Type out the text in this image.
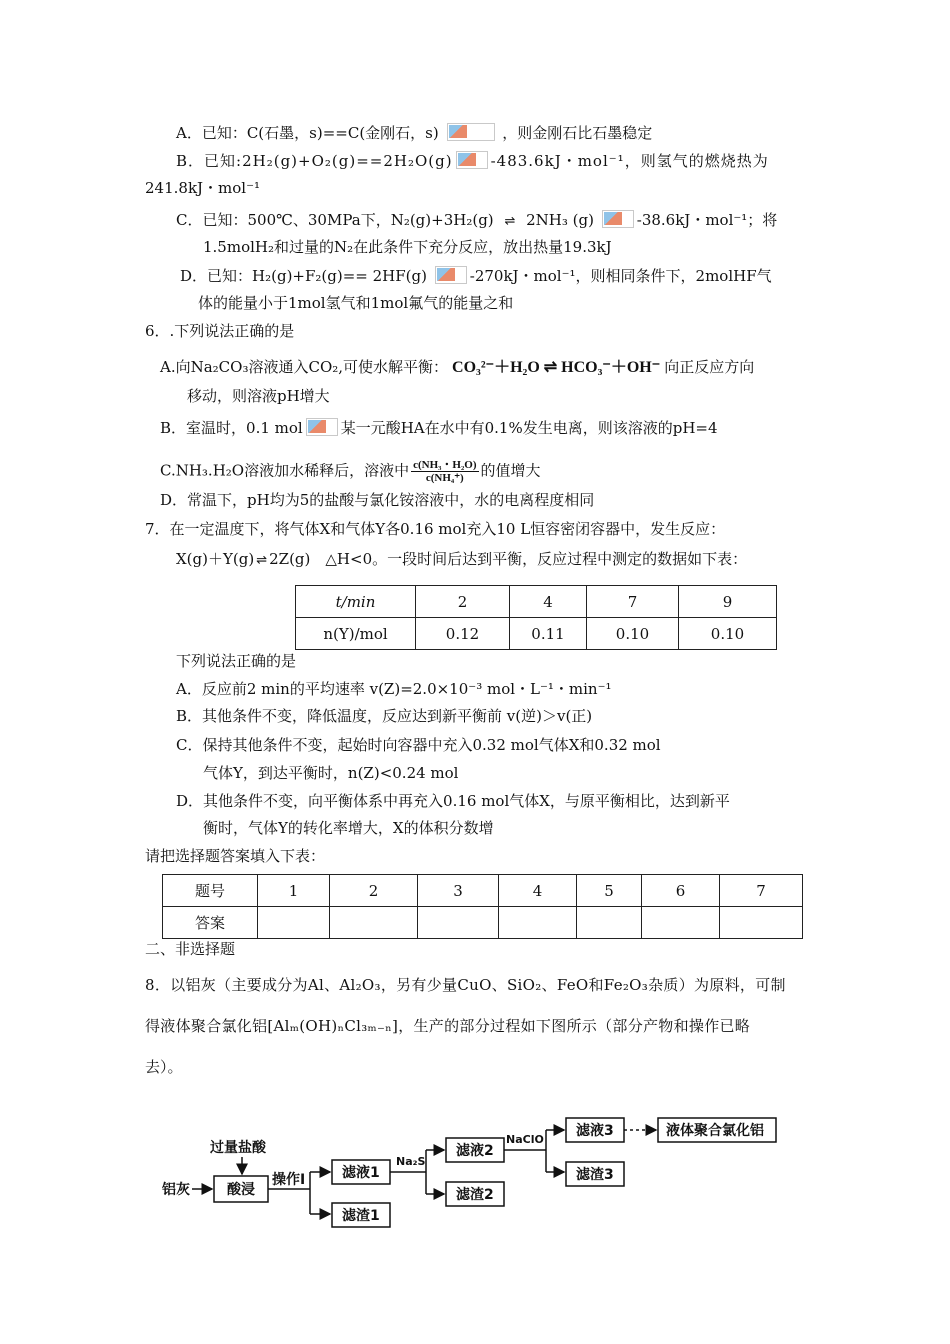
A．已知：C(石墨，s)==C(金刚石，s)	，则金刚石比石墨稳定
B．已知:2H₂(g)+O₂(g)==2H₂O(g)	-483.6kJ・mol⁻¹，则氢气的燃烧热为
241.8kJ・mol⁻¹
C．已知：500℃、30MPa下，N₂(g)+3H₂(g) ⇌ 2NH₃ (g)	-38.6kJ・mol⁻¹；将
1.5molH₂和过量的N₂在此条件下充分反应，放出热量19.3kJ
D．已知：H₂(g)+F₂(g)== 2HF(g)	-270kJ・mol⁻¹，则相同条件下，2molHF气
体的能量小于1mol氢气和1mol氟气的能量之和
6．.下列说法正确的是
A.向Na₂CO₃溶液通入CO₂,可使水解平衡： CO₃²⁻＋H₂O ⇌ HCO₃⁻＋OH⁻ 向正反应方向
移动，则溶液pH增大
B．室温时，0.1 mol	某一元酸HA在水中有0.1%发生电离，则该溶液的pH=4
C.NH₃.H₂O溶液加水稀释后，溶液中 $\frac{\text{c(NH₃・H₂O)}}{\text{c(NH₄⁺)}}$ 的值增大
D．常温下，pH均为5的盐酸与氯化铵溶液中，水的电离程度相同
7．在一定温度下，将气体X和气体Y各0.16 mol充入10 L恒容密闭容器中，发生反应：
X(g)＋Y(g) ⇌ 2Z(g)　△H<0。一段时间后达到平衡，反应过程中测定的数据如下表：
t/min	2	4	7	9
n(Y)/mol	0.12	0.11	0.10	0.10
下列说法正确的是
A．反应前2 min的平均速率 v(Z)=2.0×10⁻³ mol・L⁻¹・min⁻¹
B．其他条件不变，降低温度，反应达到新平衡前 v(逆)＞v(正)
C．保持其他条件不变，起始时向容器中充入0.32 mol气体X和0.32 mol
气体Y，到达平衡时，n(Z)<0.24 mol
D．其他条件不变，向平衡体系中再充入0.16 mol气体X，与原平衡相比，达到新平
衡时，气体Y的转化率增大，X的体积分数增
请把选择题答案填入下表：
题号	1	2	3	4	5	6	7
答案							
二、非选择题
8．以铝灰（主要成分为Al、Al₂O₃，另有少量CuO、SiO₂、FeO和Fe₂O₃杂质）为原料，可制
得液体聚合氯化铝[Alₘ(OH)ₙCl₃ₘ₋ₙ]，生产的部分过程如下图所示（部分产物和操作已略
去）。
铝灰
过量盐酸
酸浸
操作Ⅰ	滤液1
滤渣1
Na₂S
滤液2
滤渣2
NaClO
滤液3
滤渣3
液体聚合氯化铝
